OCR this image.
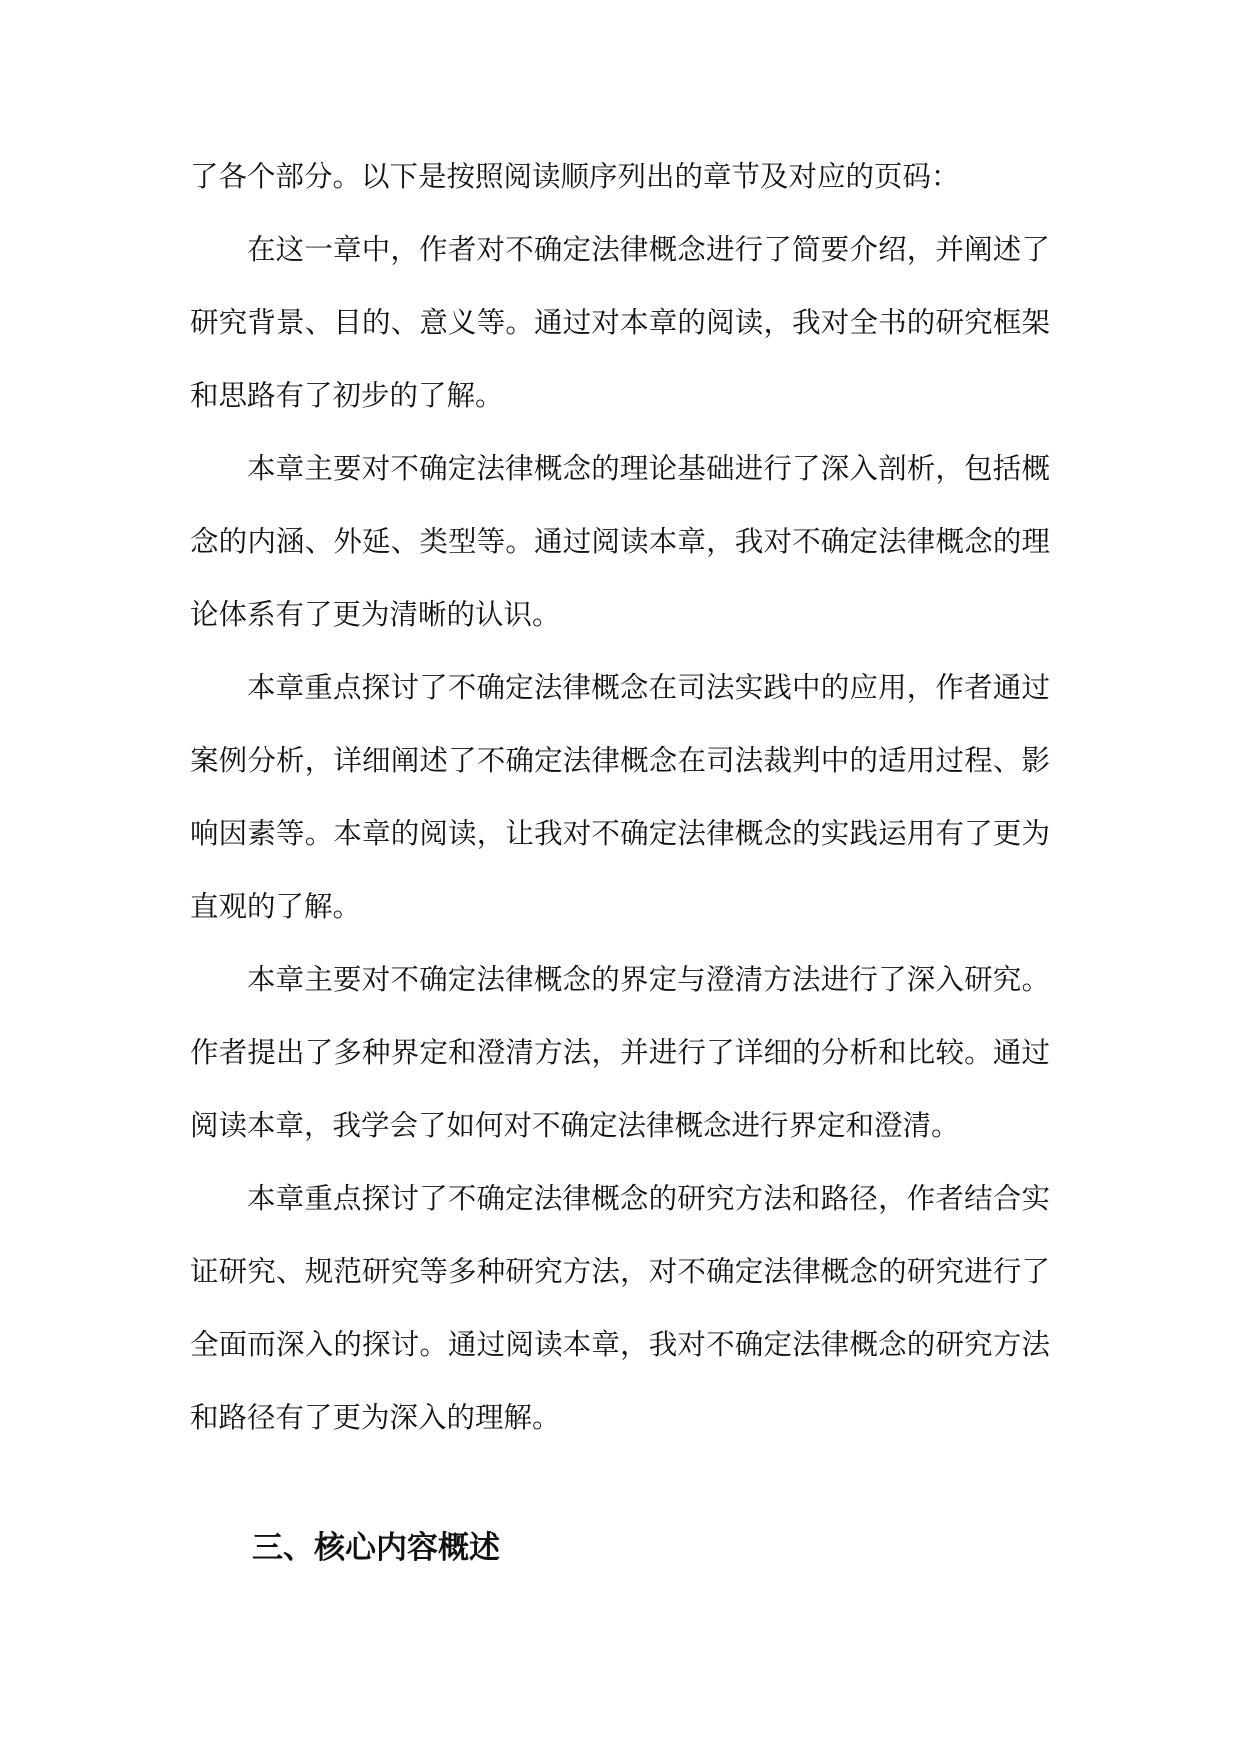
了各个部分。以下是按照阅读顺序列出的章节及对应的页码：

在这一章中，作者对不确定法律概念进行了简要介绍，并阐述了研究背景、目的、意义等。通过对本章的阅读，我对全书的研究框架和思路有了初步的了解。

本章主要对不确定法律概念的理论基础进行了深入剖析，包括概念的内涵、外延、类型等。通过阅读本章，我对不确定法律概念的理论体系有了更为清晰的认识。

本章重点探讨了不确定法律概念在司法实践中的应用，作者通过案例分析，详细阐述了不确定法律概念在司法裁判中的适用过程、影响因素等。本章的阅读，让我对不确定法律概念的实践运用有了更为直观的了解。

本章主要对不确定法律概念的界定与澄清方法进行了深入研究。作者提出了多种界定和澄清方法，并进行了详细的分析和比较。通过阅读本章，我学会了如何对不确定法律概念进行界定和澄清。

本章重点探讨了不确定法律概念的研究方法和路径，作者结合实证研究、规范研究等多种研究方法，对不确定法律概念的研究进行了全面而深入的探讨。通过阅读本章，我对不确定法律概念的研究方法和路径有了更为深入的理解。

三、核心内容概述
